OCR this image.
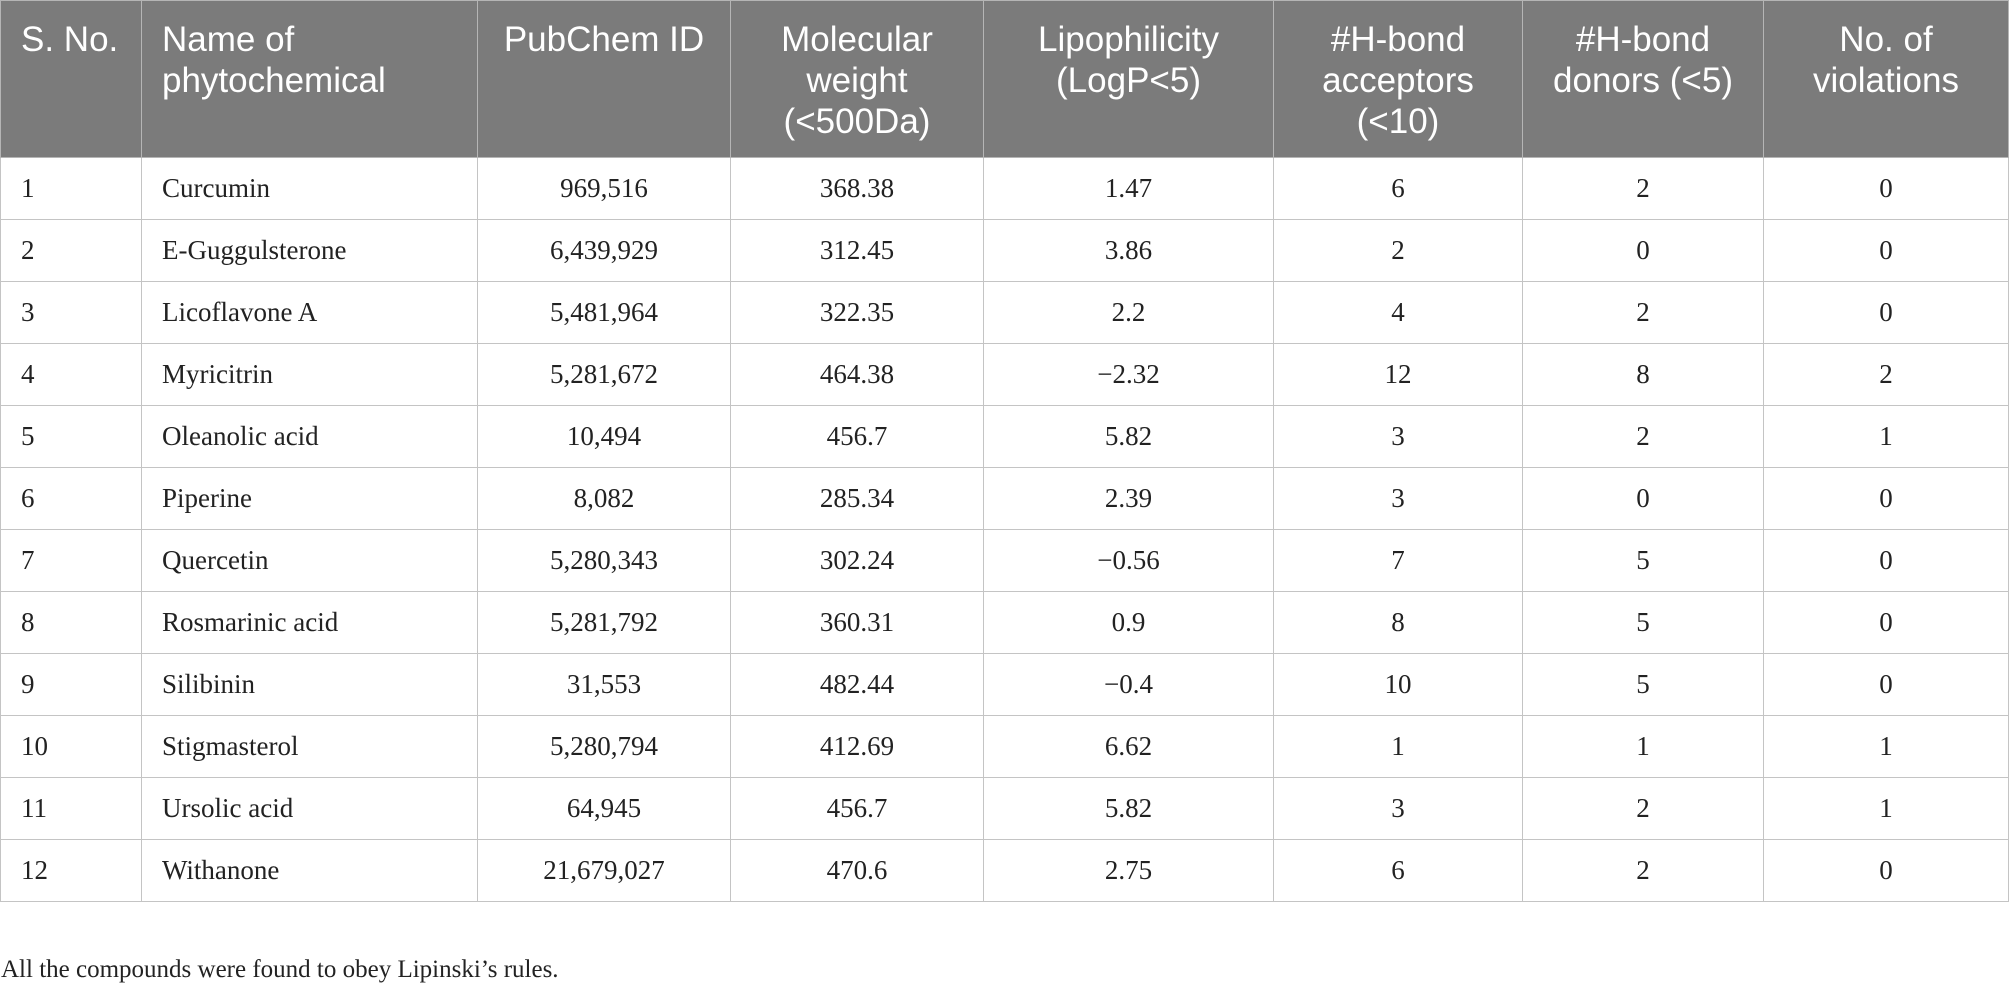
S. No.	Name of phytochemical	PubChem ID	Molecular weight (<500Da)	Lipophilicity (LogP<5)	#H-bond acceptors (<10)	#H-bond donors (<5)	No. of violations
1	Curcumin	969,516	368.38	1.47	6	2	0
2	E-Guggulsterone	6,439,929	312.45	3.86	2	0	0
3	Licoflavone A	5,481,964	322.35	2.2	4	2	0
4	Myricitrin	5,281,672	464.38	−2.32	12	8	2
5	Oleanolic acid	10,494	456.7	5.82	3	2	1
6	Piperine	8,082	285.34	2.39	3	0	0
7	Quercetin	5,280,343	302.24	−0.56	7	5	0
8	Rosmarinic acid	5,281,792	360.31	0.9	8	5	0
9	Silibinin	31,553	482.44	−0.4	10	5	0
10	Stigmasterol	5,280,794	412.69	6.62	1	1	1
11	Ursolic acid	64,945	456.7	5.82	3	2	1
12	Withanone	21,679,027	470.6	2.75	6	2	0

All the compounds were found to obey Lipinski’s rules.
